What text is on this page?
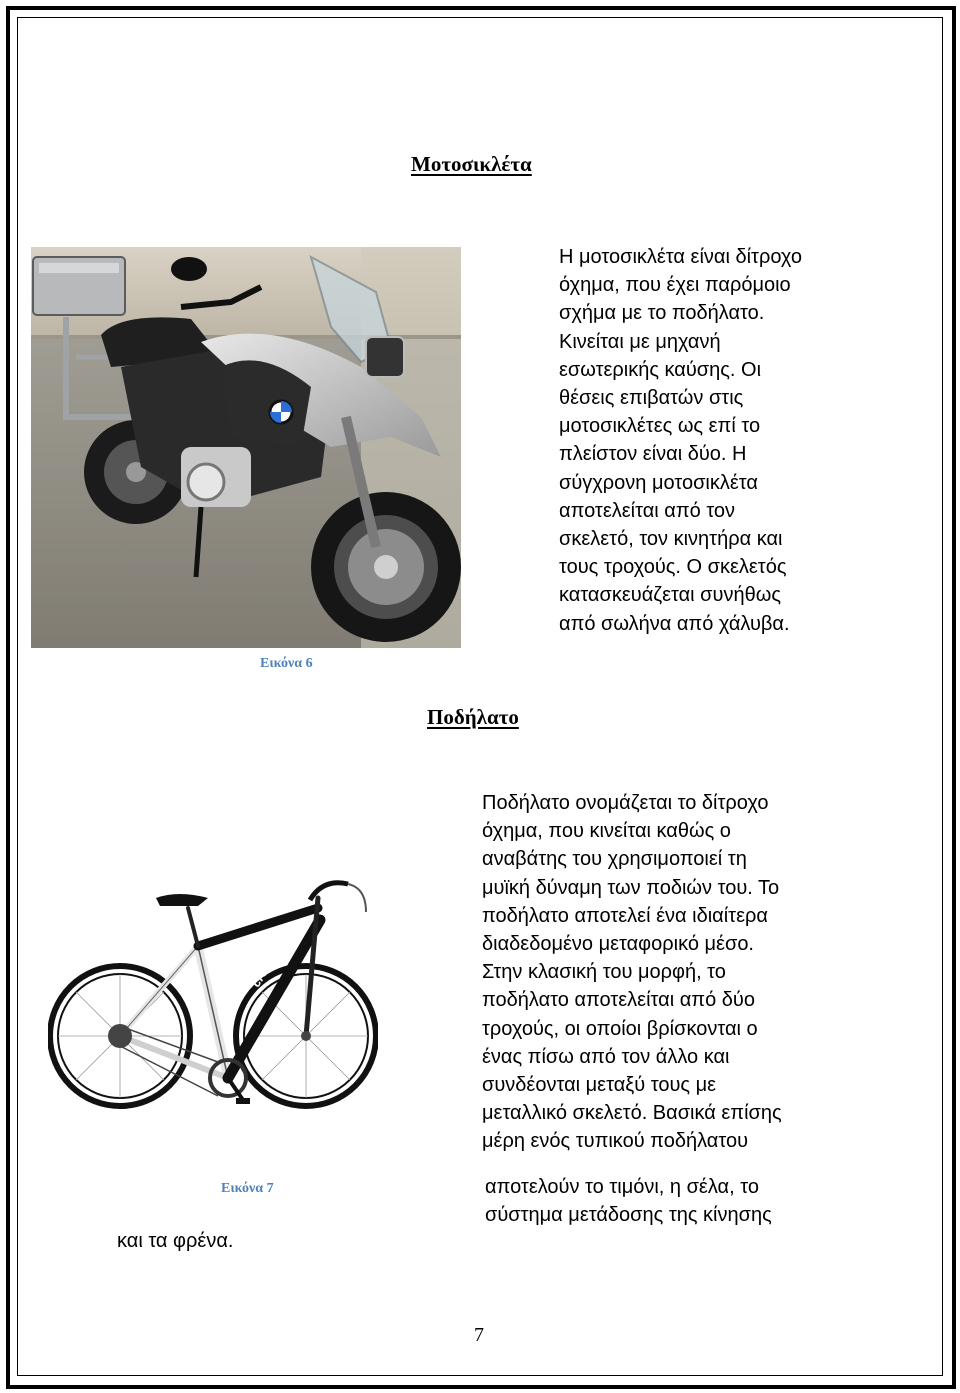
Μοτοσικλέτα
Η μοτοσικλέτα είναι δίτροχο
όχημα, που έχει παρόμοιο
σχήμα με το ποδήλατο.
Κινείται με μηχανή
εσωτερικής καύσης. Οι
θέσεις επιβατών στις
μοτοσικλέτες ως επί το
πλείστον είναι δύο. Η
σύγχρονη μοτοσικλέτα
αποτελείται από τον
σκελετό, τον κινητήρα και
τους τροχούς. Ο σκελετός
κατασκευάζεται συνήθως
από σωλήνα από χάλυβα.
Εικόνα 6
Ποδήλατο
Ποδήλατο ονομάζεται το δίτροχο
όχημα, που κινείται καθώς ο
αναβάτης του χρησιμοποιεί τη
μυϊκή δύναμη των ποδιών του. Το
ποδήλατο αποτελεί ένα ιδιαίτερα
διαδεδομένο μεταφορικό μέσο.
Στην κλασική του μορφή, το
ποδήλατο αποτελείται από δύο
τροχούς, οι οποίοι βρίσκονται ο
ένας πίσω από τον άλλο και
συνδέονται μεταξύ τους με
μεταλλικό σκελετό. Βασικά επίσης
μέρη ενός τυπικού ποδήλατου
cross
Εικόνα 7	αποτελούν το τιμόνι, η σέλα, το
σύστημα μετάδοσης της κίνησης
και τα φρένα.
7
